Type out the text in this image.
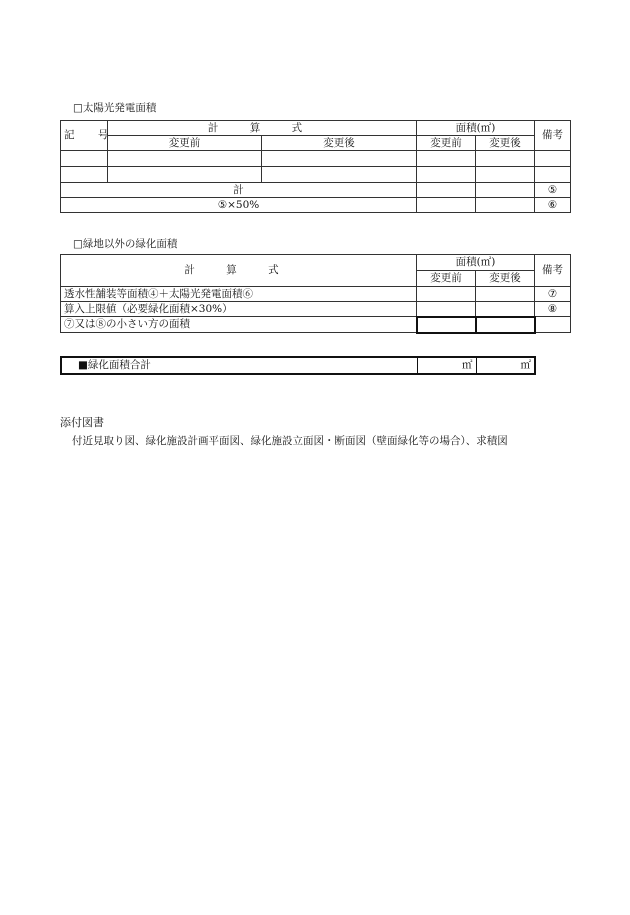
□太陽光発電面積
記 号	計 算 式		面積(㎡)		備考
	変更前	変更後	変更前	変更後	

計					⑤
⑤×50%					⑥
□緑地以外の緑化面積
計 算 式	面積(㎡)		備考
	変更前	変更後	
透水性舗装等面積④＋太陽光発電面積⑥			⑦
算入上限値（必要緑化面積×30%）			⑧
⑦又は⑧の小さい方の面積			
■緑化面積合計	㎡	㎡
添付図書
付近見取り図、緑化施設計画平面図、緑化施設立面図・断面図（壁面緑化等の場合）、求積図
